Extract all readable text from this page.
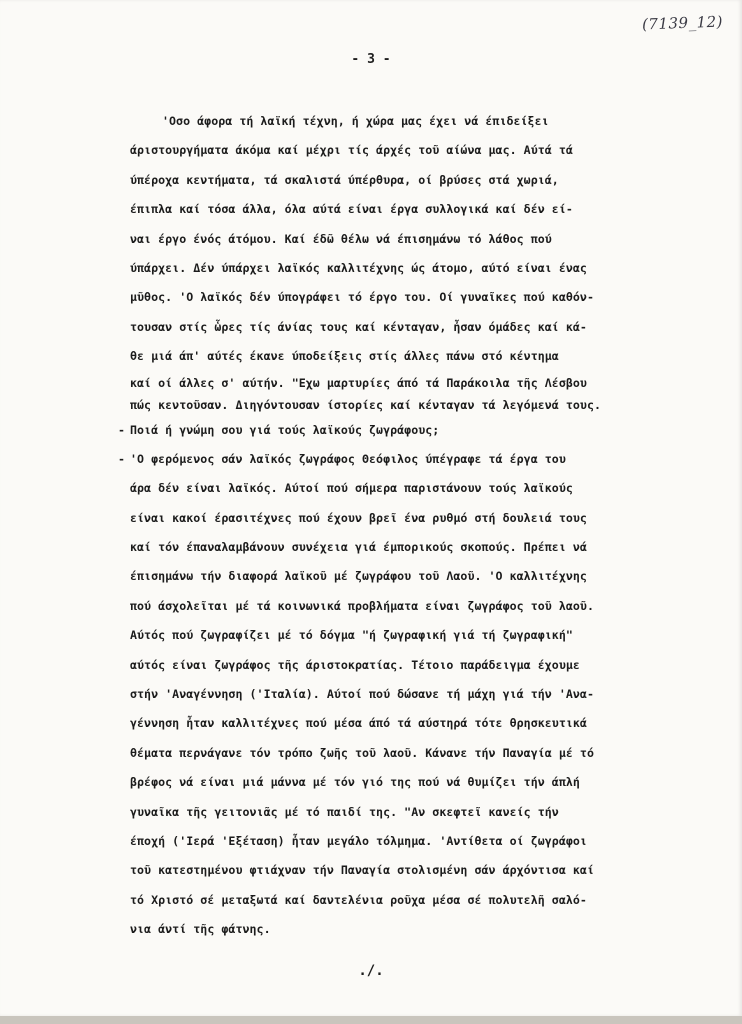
(7139_12)
- 3 -
'Οσο άφορα τή λαϊκή τέχνη, ή χώρα μας έχει νά έπιδείξει
άριστουργήματα άκόμα καί μέχρι τίς άρχές τοῦ αίώνα μας. Αύτά τά
ύπέροχα κεντήματα, τά σκαλιστά ύπέρθυρα, οί βρύσες στά χωριά,
έπιπλα καί τόσα άλλα, όλα αύτά είναι έργα συλλογικά καί δέν εί-
ναι έργο ένός άτόμου. Καί έδῶ θέλω νά έπισημάνω τό λάθος πού
ύπάρχει. Δέν ύπάρχει λαϊκός καλλιτέχνης ώς άτομο, αύτό είναι ένας
μῦθος. 'Ο λαϊκός δέν ύπογράφει τό έργο του. Οί γυναῖκες πού καθόν-
τουσαν στίς ὧρες τίς άνίας τους καί κένταγαν, ἦσαν όμάδες καί κά-
θε μιά άπ' αύτές έκανε ύποδείξεις στίς άλλες πάνω στό κέντημα
καί οί άλλες σ' αύτήν. "Εχω μαρτυρίες άπό τά Παράκοιλα τῆς Λέσβου
πώς κεντοῦσαν. Διηγόντουσαν ίστορίες καί κένταγαν τά λεγόμενά τους.
- Ποιά ή γνώμη σου γιά τούς λαϊκούς ζωγράφους;
- 'Ο φερόμενος σάν λαϊκός ζωγράφος Θεόφιλος ύπέγραφε τά έργα του
άρα δέν είναι λαϊκός. Αύτοί πού σήμερα παριστάνουν τούς λαϊκούς
είναι κακοί έρασιτέχνες πού έχουν βρεῖ ένα ρυθμό στή δουλειά τους
καί τόν έπαναλαμβάνουν συνέχεια γιά έμπορικούς σκοπούς. Πρέπει νά
έπισημάνω τήν διαφορά λαϊκοῦ μέ ζωγράφου τοῦ Λαοῦ. 'Ο καλλιτέχνης
πού άσχολεῖται μέ τά κοινωνικά προβλήματα είναι ζωγράφος τοῦ λαοῦ.
Αύτός πού ζωγραφίζει μέ τό δόγμα "ή ζωγραφική γιά τή ζωγραφική"
αύτός είναι ζωγράφος τῆς άριστοκρατίας. Τέτοιο παράδειγμα έχουμε
στήν 'Αναγέννηση ('Ιταλία). Αύτοί πού δώσανε τή μάχη γιά τήν 'Ανα-
γέννηση ἦταν καλλιτέχνες πού μέσα άπό τά αύστηρά τότε θρησκευτικά
θέματα περνάγανε τόν τρόπο ζωῆς τοῦ λαοῦ. Κάνανε τήν Παναγία μέ τό
βρέφος νά είναι μιά μάννα μέ τόν γιό της πού νά θυμίζει τήν άπλή
γυναῖκα τῆς γειτονιᾶς μέ τό παιδί της. "Αν σκεφτεῖ κανείς τήν
έποχή ('Ιερά 'Εξέταση) ἦταν μεγάλο τόλμημα. 'Αντίθετα οί ζωγράφοι
τοῦ κατεστημένου φτιάχναν τήν Παναγία στολισμένη σάν άρχόντισα καί
τό Χριστό σέ μεταξωτά καί δαντελένια ροῦχα μέσα σέ πολυτελῆ σαλό-
νια άντί τῆς φάτνης.
./.
